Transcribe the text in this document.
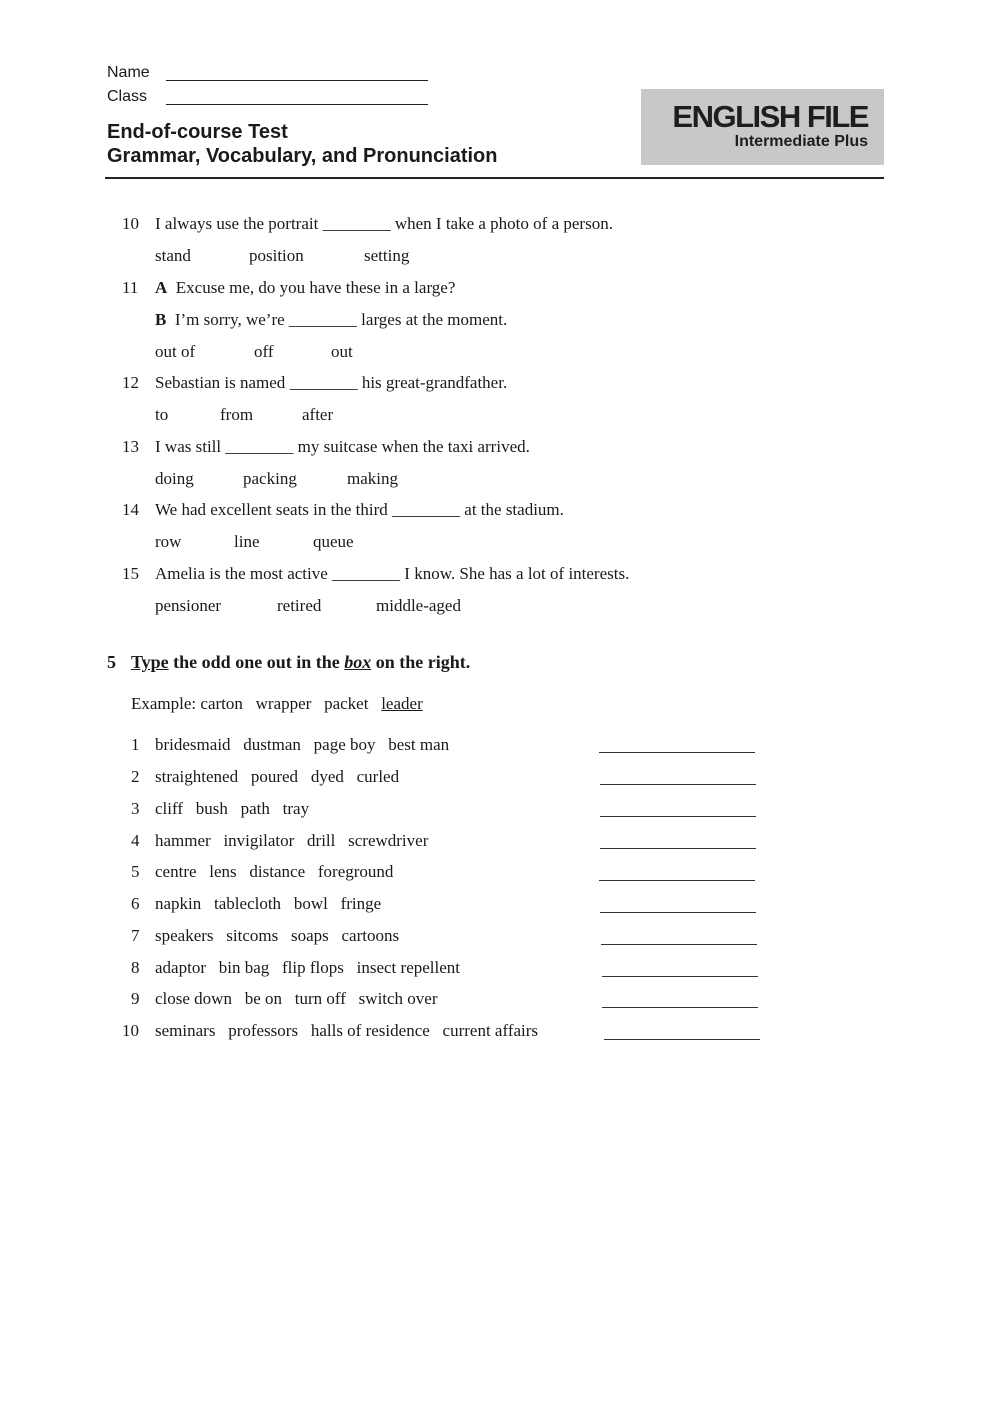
Name
Class
End-of-course Test
Grammar, Vocabulary, and Pronunciation
ENGLISH FILE
Intermediate Plus
10 I always use the portrait ________ when I take a photo of a person.
stand	position	setting
11 A Excuse me, do you have these in a large?
B I’m sorry, we’re ________ larges at the moment.
out of	off	out
12 Sebastian is named ________ his great-grandfather.
to	from	after
13 I was still ________ my suitcase when the taxi arrived.
doing	packing	making
14 We had excellent seats in the third ________ at the stadium.
row	line	queue
15 Amelia is the most active ________ I know. She has a lot of interests.
pensioner	retired	middle-aged
5 Type the odd one out in the box on the right.
Example: carton wrapper packet leader
1 bridesmaid dustman page boy best man
2 straightened poured dyed curled
3 cliff bush path tray
4 hammer invigilator drill screwdriver
5 centre lens distance foreground
6 napkin tablecloth bowl fringe
7 speakers sitcoms soaps cartoons
8 adaptor bin bag flip flops insect repellent
9 close down be on turn off switch over
10 seminars professors halls of residence current affairs
